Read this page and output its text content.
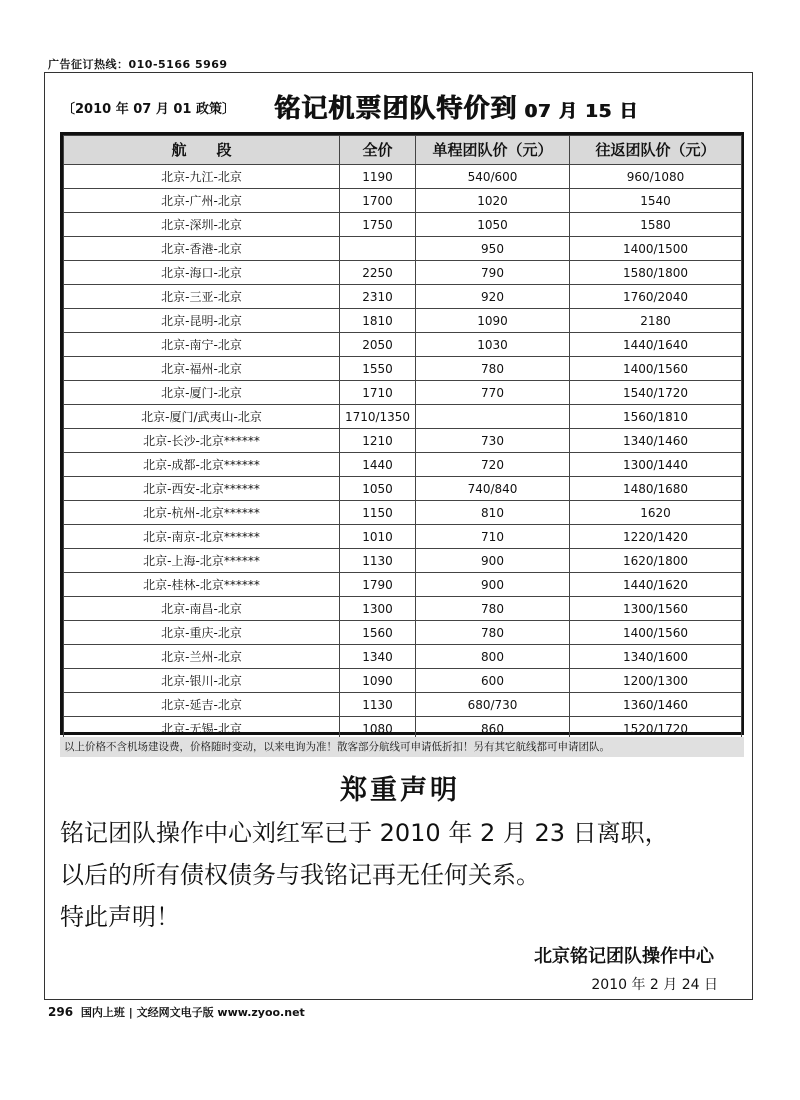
广告征订热线：010-5166 5969
〔2010 年 07 月 01 政策〕 铭记机票团队特价到 07 月 15 日
航　　段	全价	单程团队价（元）	往返团队价（元）
北京-九江-北京	1190	540/600	960/1080
北京-广州-北京	1700	1020	1540
北京-深圳-北京	1750	1050	1580
北京-香港-北京		950	1400/1500
北京-海口-北京	2250	790	1580/1800
北京-三亚-北京	2310	920	1760/2040
北京-昆明-北京	1810	1090	2180
北京-南宁-北京	2050	1030	1440/1640
北京-福州-北京	1550	780	1400/1560
北京-厦门-北京	1710	770	1540/1720
北京-厦门/武夷山-北京	1710/1350		1560/1810
北京-长沙-北京******	1210	730	1340/1460
北京-成都-北京******	1440	720	1300/1440
北京-西安-北京******	1050	740/840	1480/1680
北京-杭州-北京******	1150	810	1620
北京-南京-北京******	1010	710	1220/1420
北京-上海-北京******	1130	900	1620/1800
北京-桂林-北京******	1790	900	1440/1620
北京-南昌-北京	1300	780	1300/1560
北京-重庆-北京	1560	780	1400/1560
北京-兰州-北京	1340	800	1340/1600
北京-银川-北京	1090	600	1200/1300
北京-延吉-北京	1130	680/730	1360/1460
北京-无锡-北京	1080	860	1520/1720
以上价格不含机场建设费，价格随时变动，以来电询为准！散客部分航线可申请低折扣！另有其它航线都可申请团队。
郑重声明
铭记团队操作中心刘红军已于 2010 年 2 月 23 日离职，
以后的所有债权债务与我铭记再无任何关系。
特此声明！
北京铭记团队操作中心
2010 年 2 月 24 日
296 国内上班 | 文经网文电子版 www.zyoo.net
